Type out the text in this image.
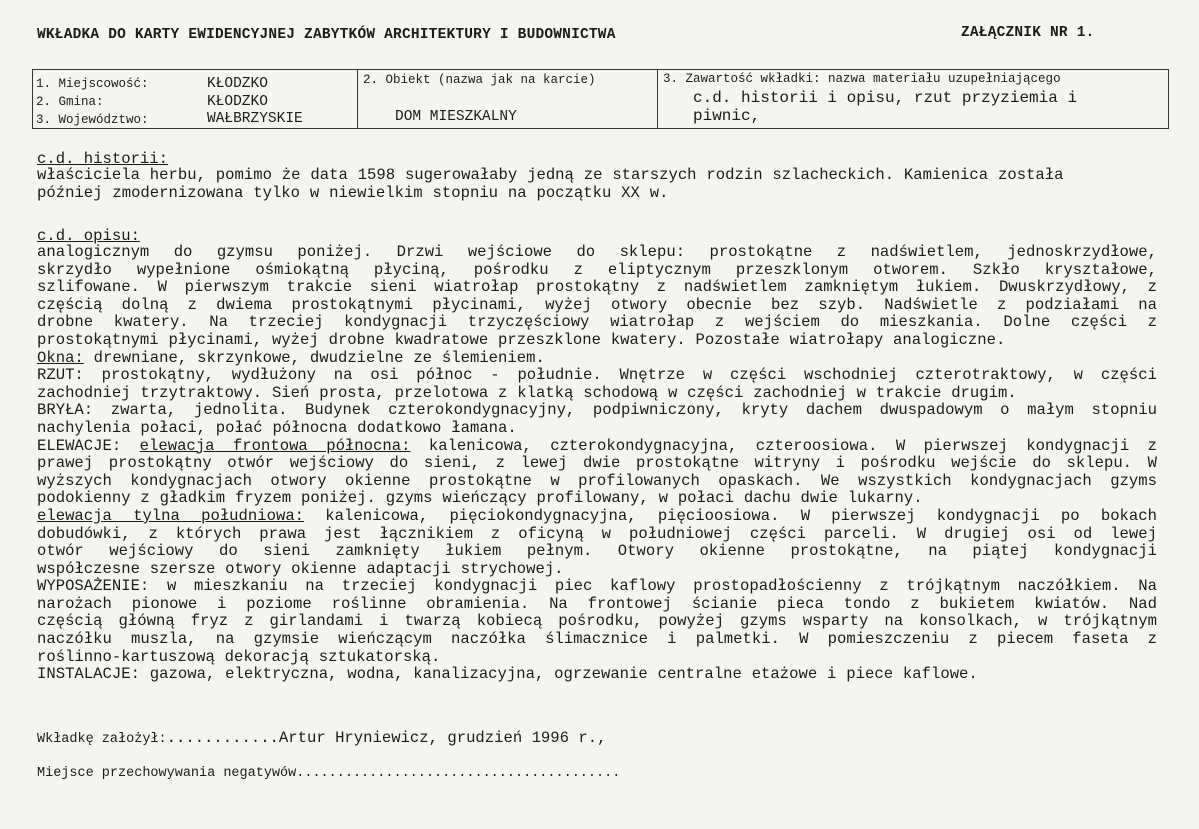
WKŁADKA DO KARTY EWIDENCYJNEJ ZABYTKÓW ARCHITEKTURY I BUDOWNICTWA	ZAŁĄCZNIK NR 1.
1. Miejscowość:	KŁODZKO
2. Gmina:	KŁODZKO
3. Województwo:	WAŁBRZYSKIE
2. Obiekt (nazwa jak na karcie)
DOM MIESZKALNY
3. Zawartość wkładki: nazwa materiału uzupełniającego
c.d. historii i opisu, rzut przyziemia i
piwnic,
c.d. historii:
właściciela herbu, pomimo że data 1598 sugerowałaby jedną ze starszych rodzin szlacheckich. Kamienica została
później zmodernizowana tylko w niewielkim stopniu na początku XX w.
c.d. opisu:
analogicznym do gzymsu poniżej. Drzwi wejściowe do sklepu: prostokątne z nadświetlem, jednoskrzydłowe,
skrzydło wypełnione ośmiokątną płyciną, pośrodku z eliptycznym przeszklonym otworem. Szkło kryształowe,
szlifowane. W pierwszym trakcie sieni wiatrołap prostokątny z nadświetlem zamkniętym łukiem. Dwuskrzydłowy, z
częścią dolną z dwiema prostokątnymi płycinami, wyżej otwory obecnie bez szyb. Nadświetle z podziałami na
drobne kwatery. Na trzeciej kondygnacji trzyczęściowy wiatrołap z wejściem do mieszkania. Dolne części z
prostokątnymi płycinami, wyżej drobne kwadratowe przeszklone kwatery. Pozostałe wiatrołapy analogiczne.
Okna: drewniane, skrzynkowe, dwudzielne ze ślemieniem.
RZUT: prostokątny, wydłużony na osi północ - południe. Wnętrze w części wschodniej czterotraktowy, w części
zachodniej trzytraktowy. Sień prosta, przelotowa z klatką schodową w części zachodniej w trakcie drugim.
BRYŁA: zwarta, jednolita. Budynek czterokondygnacyjny, podpiwniczony, kryty dachem dwuspadowym o małym stopniu
nachylenia połaci, połać północna dodatkowo łamana.
ELEWACJE: elewacja frontowa północna: kalenicowa, czterokondygnacyjna, czteroosiowa. W pierwszej kondygnacji z
prawej prostokątny otwór wejściowy do sieni, z lewej dwie prostokątne witryny i pośrodku wejście do sklepu. W
wyższych kondygnacjach otwory okienne prostokątne w profilowanych opaskach. We wszystkich kondygnacjach gzyms
podokienny z gładkim fryzem poniżej. gzyms wieńczący profilowany, w połaci dachu dwie lukarny.
elewacja tylna południowa: kalenicowa, pięciokondygnacyjna, pięcioosiowa. W pierwszej kondygnacji po bokach
dobudówki, z których prawa jest łącznikiem z oficyną w południowej części parceli. W drugiej osi od lewej
otwór wejściowy do sieni zamknięty łukiem pełnym. Otwory okienne prostokątne, na piątej kondygnacji
współczesne szersze otwory okienne adaptacji strychowej.
WYPOSAŻENIE: w mieszkaniu na trzeciej kondygnacji piec kaflowy prostopadłościenny z trójkątnym naczółkiem. Na
narożach pionowe i poziome roślinne obramienia. Na frontowej ścianie pieca tondo z bukietem kwiatów. Nad
częścią główną fryz z girlandami i twarzą kobiecą pośrodku, powyżej gzyms wsparty na konsolkach, w trójkątnym
naczółku muszla, na gzymsie wieńczącym naczółka ślimacznice i palmetki. W pomieszczeniu z piecem faseta z
roślinno-kartuszową dekoracją sztukatorską.
INSTALACJE: gazowa, elektryczna, wodna, kanalizacyjna, ogrzewanie centralne etażowe i piece kaflowe.
Wkładkę założył:............Artur Hryniewicz, grudzień 1996 r.,
Miejsce przechowywania negatywów........................................
